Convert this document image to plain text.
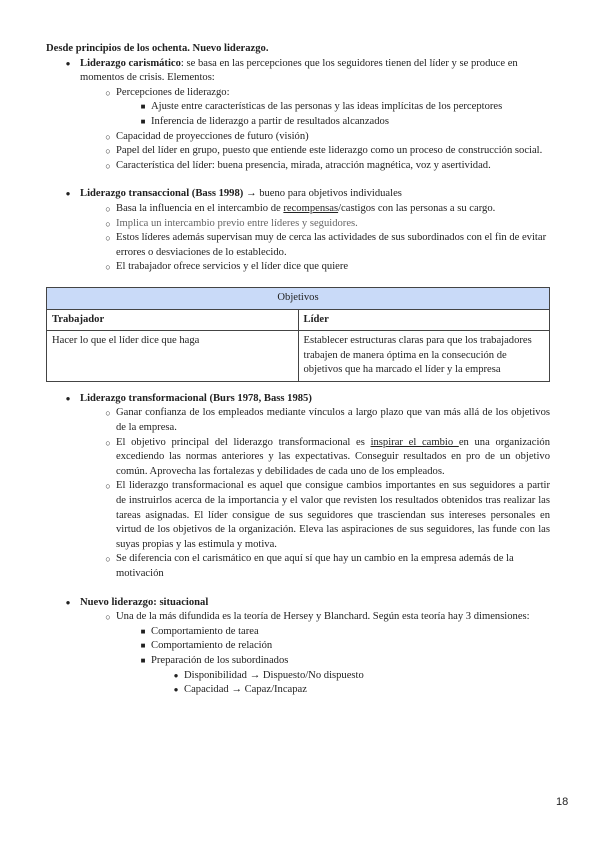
Desde principios de los ochenta. Nuevo liderazgo.

● Liderazgo carismático: se basa en las percepciones que los seguidores tienen del líder y se produce en momentos de crisis. Elementos:
○ Percepciones de liderazgo:
■ Ajuste entre características de las personas y las ideas implícitas de los perceptores
■ Inferencia de liderazgo a partir de resultados alcanzados
○ Capacidad de proyecciones de futuro (visión)
○ Papel del líder en grupo, puesto que entiende este liderazgo como un proceso de construcción social.
○ Característica del líder: buena presencia, mirada, atracción magnética, voz y asertividad.
● Liderazgo transaccional (Bass 1998) → bueno para objetivos individuales
○ Basa la influencia en el intercambio de recompensas/castigos con las personas a su cargo.
○ Implica un intercambio previo entre líderes y seguidores.
○ Estos líderes además supervisan muy de cerca las actividades de sus subordinados con el fin de evitar errores o desviaciones de lo establecido.
○ El trabajador ofrece servicios y el líder dice que quiere
Objetivos	
Trabajador	Líder
Hacer lo que el líder dice que haga	Establecer estructuras claras para que los trabajadores trabajen de manera óptima en la consecución de objetivos que ha marcado el líder y la empresa
● Liderazgo transformacional (Burs 1978, Bass 1985)
○ Ganar confianza de los empleados mediante vínculos a largo plazo que van más allá de los objetivos de la empresa.
○ El objetivo principal del liderazgo transformacional es inspirar el cambio en una organización excediendo las normas anteriores y las expectativas. Conseguir resultados en pro de un objetivo común. Aprovecha las fortalezas y debilidades de cada uno de los empleados.
○ El liderazgo transformacional es aquel que consigue cambios importantes en sus seguidores a partir de instruirlos acerca de la importancia y el valor que revisten los resultados obtenidos tras realizar las tareas asignadas. El líder consigue de sus seguidores que trasciendan sus intereses personales en virtud de los objetivos de la organización. Eleva las aspiraciones de sus seguidores, las funde con las suyas propias y las estimula y motiva.
○ Se diferencia con el carismático en que aquí sí que hay un cambio en la empresa además de la motivación
● Nuevo liderazgo: situacional
○ Una de la más difundida es la teoría de Hersey y Blanchard. Según esta teoría hay 3 dimensiones:
■ Comportamiento de tarea
■ Comportamiento de relación
■ Preparación de los subordinados
● Disponibilidad → Dispuesto/No dispuesto
● Capacidad → Capaz/Incapaz
18
